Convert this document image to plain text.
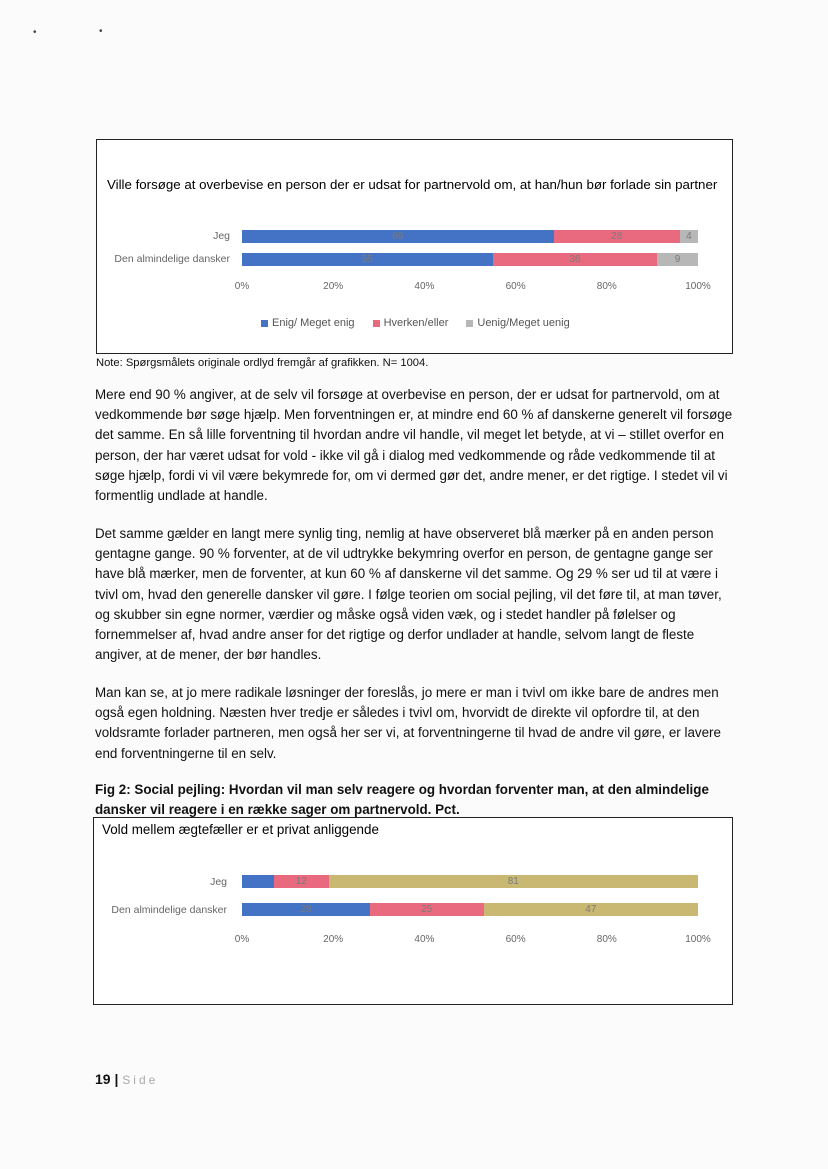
•	•
Ville forsøge at overbevise en person der er udsat for partnervold om, at han/hun bør forlade sin partner
Jeg
Den almindelige dansker
69	28	4
55	36	9
0%	20%	40%	60%	80%	100%
Enig/ Meget enig	Hverken/eller	Uenig/Meget uenig
Note: Spørgsmålets originale ordlyd fremgår af grafikken. N= 1004.

Mere end 90 % angiver, at de selv vil forsøge at overbevise en person, der er udsat for partnervold, om at vedkommende bør søge hjælp. Men forventningen er, at mindre end 60 % af danskerne generelt vil forsøge det samme. En så lille forventning til hvordan andre vil handle, vil meget let betyde, at vi – stillet overfor en person, der har været udsat for vold - ikke vil gå i dialog med vedkommende og råde vedkommende til at søge hjælp, fordi vi vil være bekymrede for, om vi dermed gør det, andre mener, er det rigtige. I stedet vil vi formentlig undlade at handle.

Det samme gælder en langt mere synlig ting, nemlig at have observeret blå mærker på en anden person gentagne gange. 90 % forventer, at de vil udtrykke bekymring overfor en person, de gentagne gange ser have blå mærker, men de forventer, at kun 60 % af danskerne vil det samme. Og 29 % ser ud til at være i tvivl om, hvad den generelle dansker vil gøre. I følge teorien om social pejling, vil det føre til, at man tøver, og skubber sin egne normer, værdier og måske også viden væk, og i stedet handler på følelser og fornemmelser af, hvad andre anser for det rigtige og derfor undlader at handle, selvom langt de fleste angiver, at de mener, der bør handles.

Man kan se, at jo mere radikale løsninger der foreslås, jo mere er man i tvivl om ikke bare de andres men også egen holdning. Næsten hver tredje er således i tvivl om, hvorvidt de direkte vil opfordre til, at den voldsramte forlader partneren, men også her ser vi, at forventningerne til hvad de andre vil gøre, er lavere end forventningerne til en selv.

Fig 2: Social pejling: Hvordan vil man selv reagere og hvordan forventer man, at den almindelige dansker vil reagere i en række sager om partnervold. Pct.
Vold mellem ægtefæller er et privat anliggende
Jeg
Den almindelige dansker
12	81
28	25	47
0%	20%	40%	60%	80%	100%
19 | Side
